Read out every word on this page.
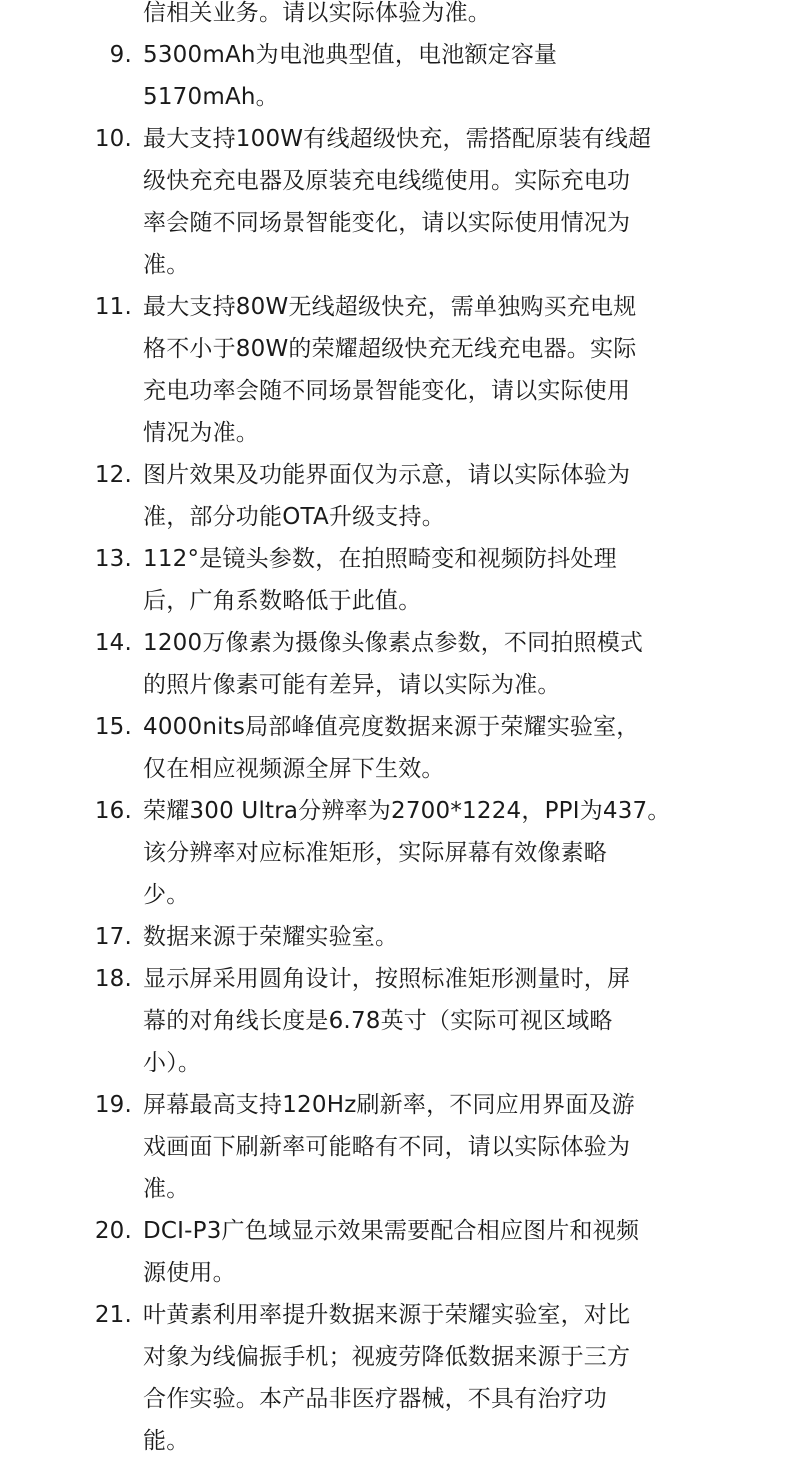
信相关业务。请以实际体验为准。
9. 5300mAh为电池典型值，电池额定容量
5170mAh。
10. 最大支持100W有线超级快充，需搭配原装有线超
级快充充电器及原装充电线缆使用。实际充电功
率会随不同场景智能变化，请以实际使用情况为
准。
11. 最大支持80W无线超级快充，需单独购买充电规
格不小于80W的荣耀超级快充无线充电器。实际
充电功率会随不同场景智能变化，请以实际使用
情况为准。
12. 图片效果及功能界面仅为示意，请以实际体验为
准，部分功能OTA升级支持。
13. 112°是镜头参数，在拍照畸变和视频防抖处理
后，广角系数略低于此值。
14. 1200万像素为摄像头像素点参数，不同拍照模式
的照片像素可能有差异，请以实际为准。
15. 4000nits局部峰值亮度数据来源于荣耀实验室，
仅在相应视频源全屏下生效。
16. 荣耀300 Ultra分辨率为2700*1224，PPI为437。
该分辨率对应标准矩形，实际屏幕有效像素略
少。
17. 数据来源于荣耀实验室。
18. 显示屏采用圆角设计，按照标准矩形测量时，屏
幕的对角线长度是6.78英寸（实际可视区域略
小）。
19. 屏幕最高支持120Hz刷新率，不同应用界面及游
戏画面下刷新率可能略有不同，请以实际体验为
准。
20. DCI-P3广色域显示效果需要配合相应图片和视频
源使用。
21. 叶黄素利用率提升数据来源于荣耀实验室，对比
对象为线偏振手机；视疲劳降低数据来源于三方
合作实验。本产品非医疗器械，不具有治疗功
能。
